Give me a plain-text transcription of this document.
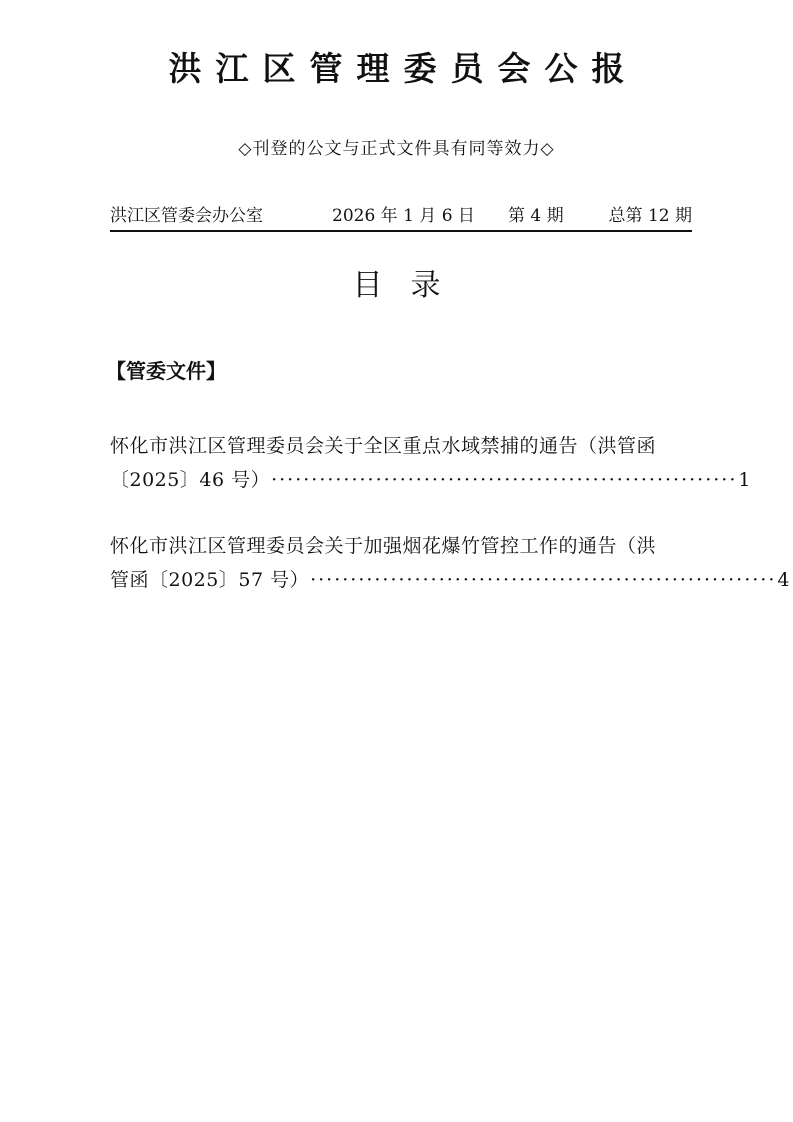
洪江区管理委员会公报
◇刊登的公文与正式文件具有同等效力◇
洪江区管委会办公室	2026 年 1 月 6 日 第 4 期	总第 12 期
目录
【管委文件】
怀化市洪江区管理委员会关于全区重点水域禁捕的通告（洪管函
〔2025〕46 号） ·························································· 1
怀化市洪江区管理委员会关于加强烟花爆竹管控工作的通告（洪
管函〔2025〕57 号） ·························································· 4
